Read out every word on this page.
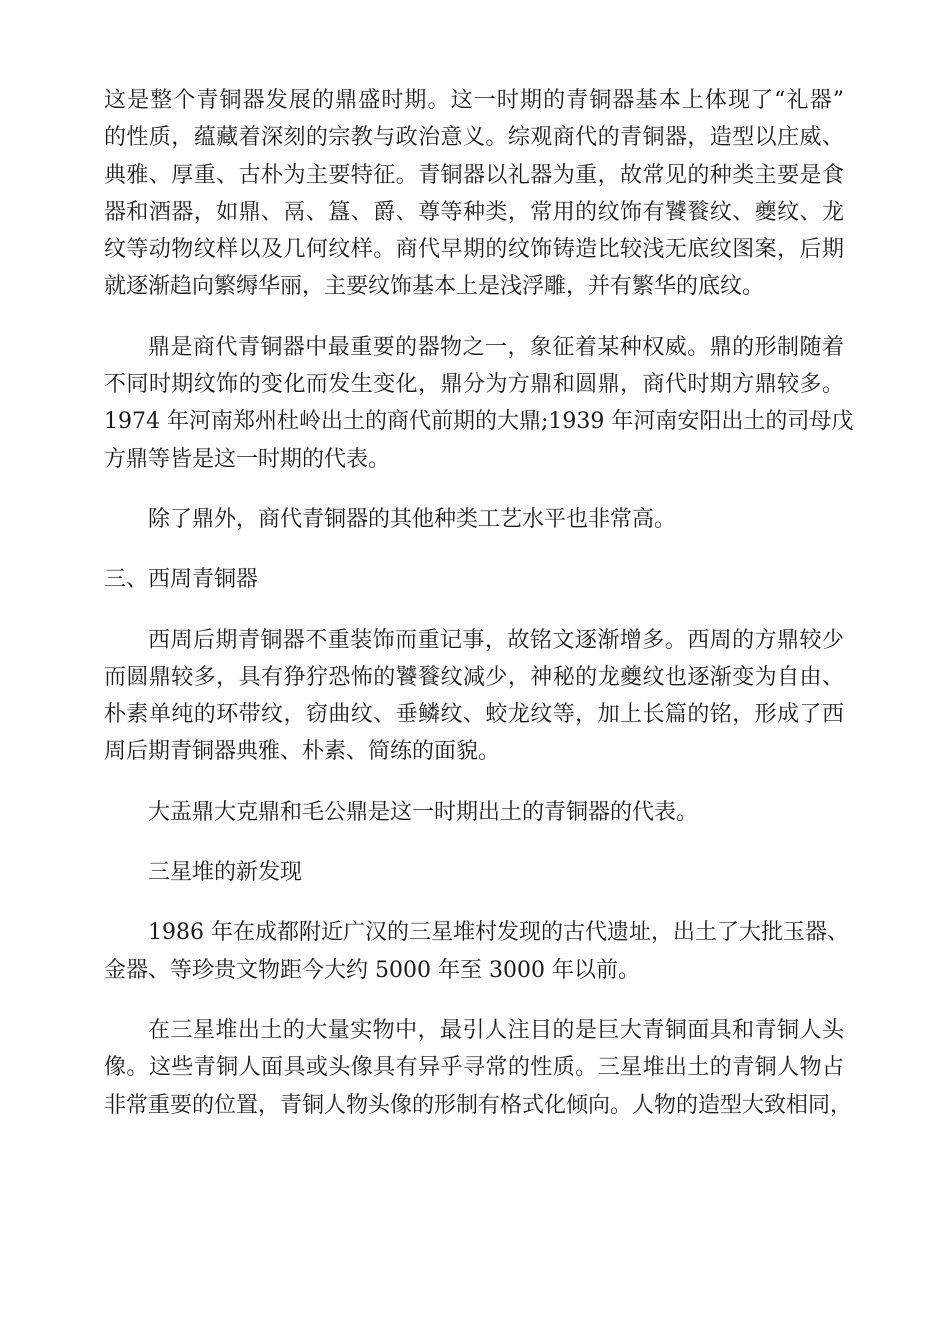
这是整个青铜器发展的鼎盛时期。这一时期的青铜器基本上体现了“礼器”
的性质，蕴藏着深刻的宗教与政治意义。综观商代的青铜器，造型以庄威、
典雅、厚重、古朴为主要特征。青铜器以礼器为重，故常见的种类主要是食
器和酒器，如鼎、鬲、簋、爵、尊等种类，常用的纹饰有饕餮纹、夔纹、龙
纹等动物纹样以及几何纹样。商代早期的纹饰铸造比较浅无底纹图案，后期
就逐渐趋向繁缛华丽，主要纹饰基本上是浅浮雕，并有繁华的底纹。
鼎是商代青铜器中最重要的器物之一，象征着某种权威。鼎的形制随着
不同时期纹饰的变化而发生变化，鼎分为方鼎和圆鼎，商代时期方鼎较多。
1974 年河南郑州杜岭出土的商代前期的大鼎;1939 年河南安阳出土的司母戊
方鼎等皆是这一时期的代表。
除了鼎外，商代青铜器的其他种类工艺水平也非常高。
三、西周青铜器
西周后期青铜器不重装饰而重记事，故铭文逐渐增多。西周的方鼎较少
而圆鼎较多，具有狰狞恐怖的饕餮纹减少，神秘的龙夔纹也逐渐变为自由、
朴素单纯的环带纹，窃曲纹、垂鳞纹、蛟龙纹等，加上长篇的铭，形成了西
周后期青铜器典雅、朴素、简练的面貌。
大盂鼎大克鼎和毛公鼎是这一时期出土的青铜器的代表。
三星堆的新发现
1986 年在成都附近广汉的三星堆村发现的古代遗址，出土了大批玉器、
金器、等珍贵文物距今大约 5000 年至 3000 年以前。
在三星堆出土的大量实物中，最引人注目的是巨大青铜面具和青铜人头
像。这些青铜人面具或头像具有异乎寻常的性质。三星堆出土的青铜人物占
非常重要的位置，青铜人物头像的形制有格式化倾向。人物的造型大致相同，
